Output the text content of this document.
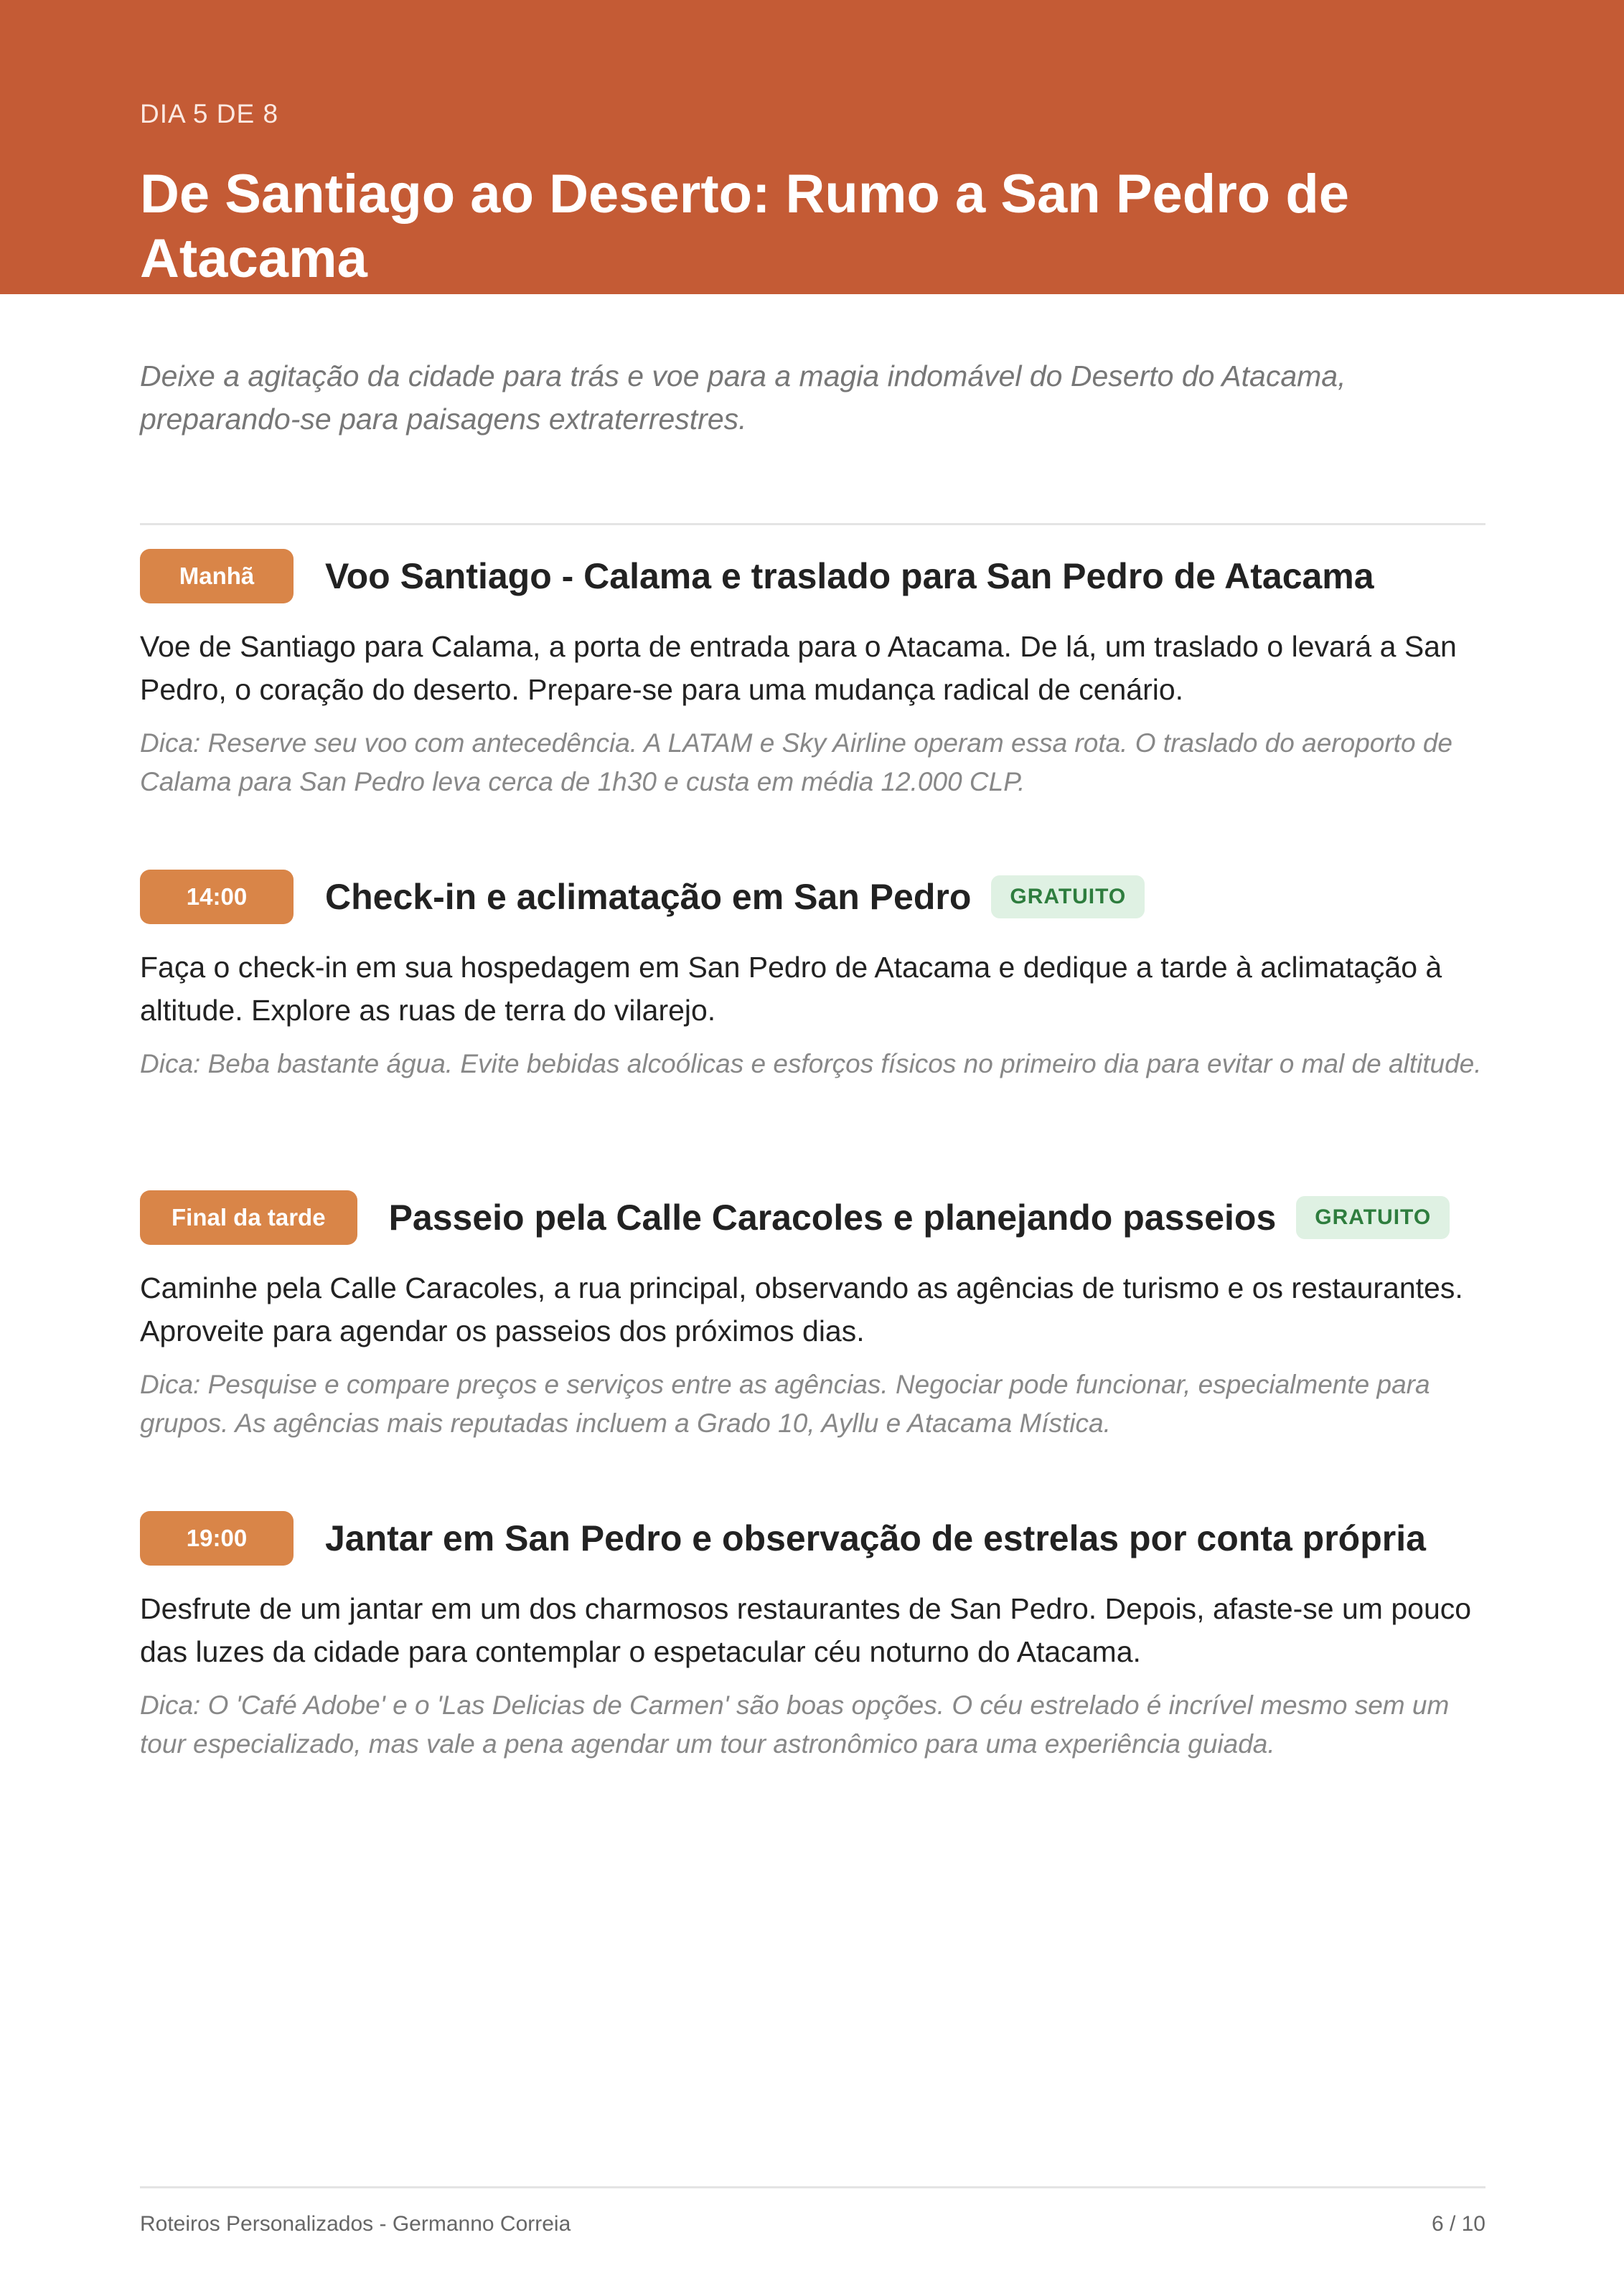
DIA 5 DE 8

De Santiago ao Deserto: Rumo a San Pedro de Atacama

Deixe a agitação da cidade para trás e voe para a magia indomável do Deserto do Atacama, preparando-se para paisagens extraterrestres.

Manhã	Voo Santiago - Calama e traslado para San Pedro de Atacama

Voe de Santiago para Calama, a porta de entrada para o Atacama. De lá, um traslado o levará a San Pedro, o coração do deserto. Prepare-se para uma mudança radical de cenário.

Dica: Reserve seu voo com antecedência. A LATAM e Sky Airline operam essa rota. O traslado do aeroporto de Calama para San Pedro leva cerca de 1h30 e custa em média 12.000 CLP.

14:00	Check-in e aclimatação em San Pedro	GRATUITO

Faça o check-in em sua hospedagem em San Pedro de Atacama e dedique a tarde à aclimatação à altitude. Explore as ruas de terra do vilarejo.

Dica: Beba bastante água. Evite bebidas alcoólicas e esforços físicos no primeiro dia para evitar o mal de altitude.

Final da tarde	Passeio pela Calle Caracoles e planejando passeios	GRATUITO

Caminhe pela Calle Caracoles, a rua principal, observando as agências de turismo e os restaurantes. Aproveite para agendar os passeios dos próximos dias.

Dica: Pesquise e compare preços e serviços entre as agências. Negociar pode funcionar, especialmente para grupos. As agências mais reputadas incluem a Grado 10, Ayllu e Atacama Mística.

19:00	Jantar em San Pedro e observação de estrelas por conta própria

Desfrute de um jantar em um dos charmosos restaurantes de San Pedro. Depois, afaste-se um pouco das luzes da cidade para contemplar o espetacular céu noturno do Atacama.

Dica: O 'Café Adobe' e o 'Las Delicias de Carmen' são boas opções. O céu estrelado é incrível mesmo sem um tour especializado, mas vale a pena agendar um tour astronômico para uma experiência guiada.

Roteiros Personalizados - Germanno Correia	6 / 10
